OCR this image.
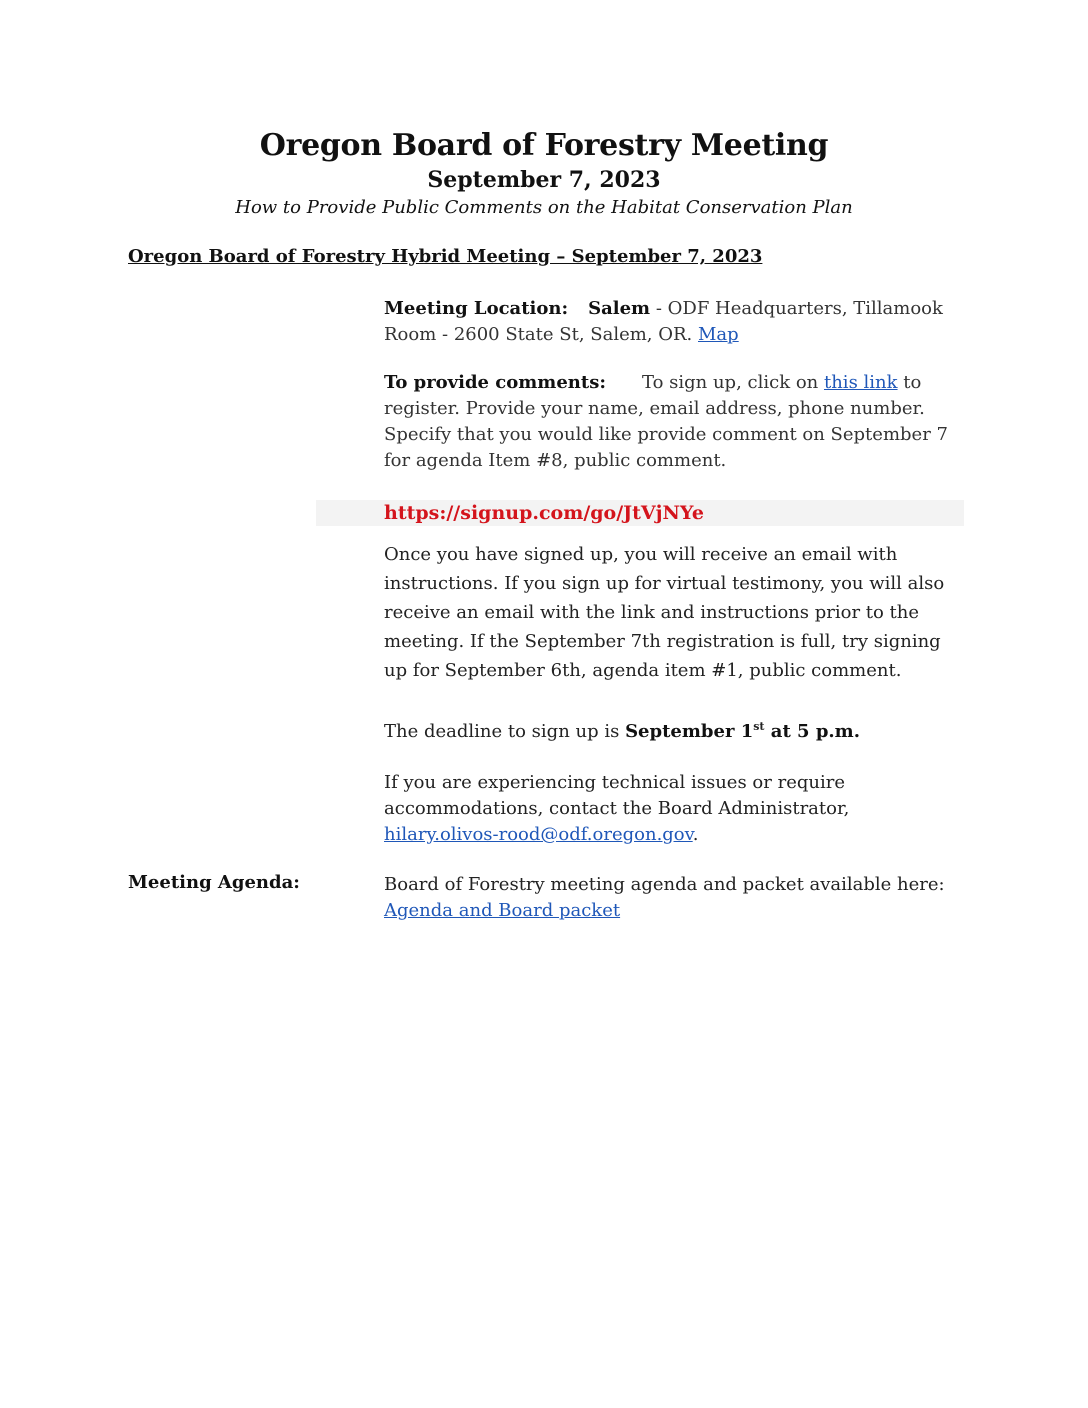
Oregon Board of Forestry Meeting
September 7, 2023
How to Provide Public Comments on the Habitat Conservation Plan
Oregon Board of Forestry Hybrid Meeting – September 7, 2023
Meeting Location: Salem - ODF Headquarters, Tillamook Room - 2600 State St, Salem, OR. Map
To provide comments: To sign up, click on this link to register. Provide your name, email address, phone number. Specify that you would like provide comment on September 7 for agenda Item #8, public comment.
https://signup.com/go/JtVjNYe
Once you have signed up, you will receive an email with instructions. If you sign up for virtual testimony, you will also receive an email with the link and instructions prior to the meeting. If the September 7th registration is full, try signing up for September 6th, agenda item #1, public comment.
The deadline to sign up is September 1st at 5 p.m.
If you are experiencing technical issues or require accommodations, contact the Board Administrator, hilary.olivos-rood@odf.oregon.gov.
Meeting Agenda:	Board of Forestry meeting agenda and packet available here: Agenda and Board packet
